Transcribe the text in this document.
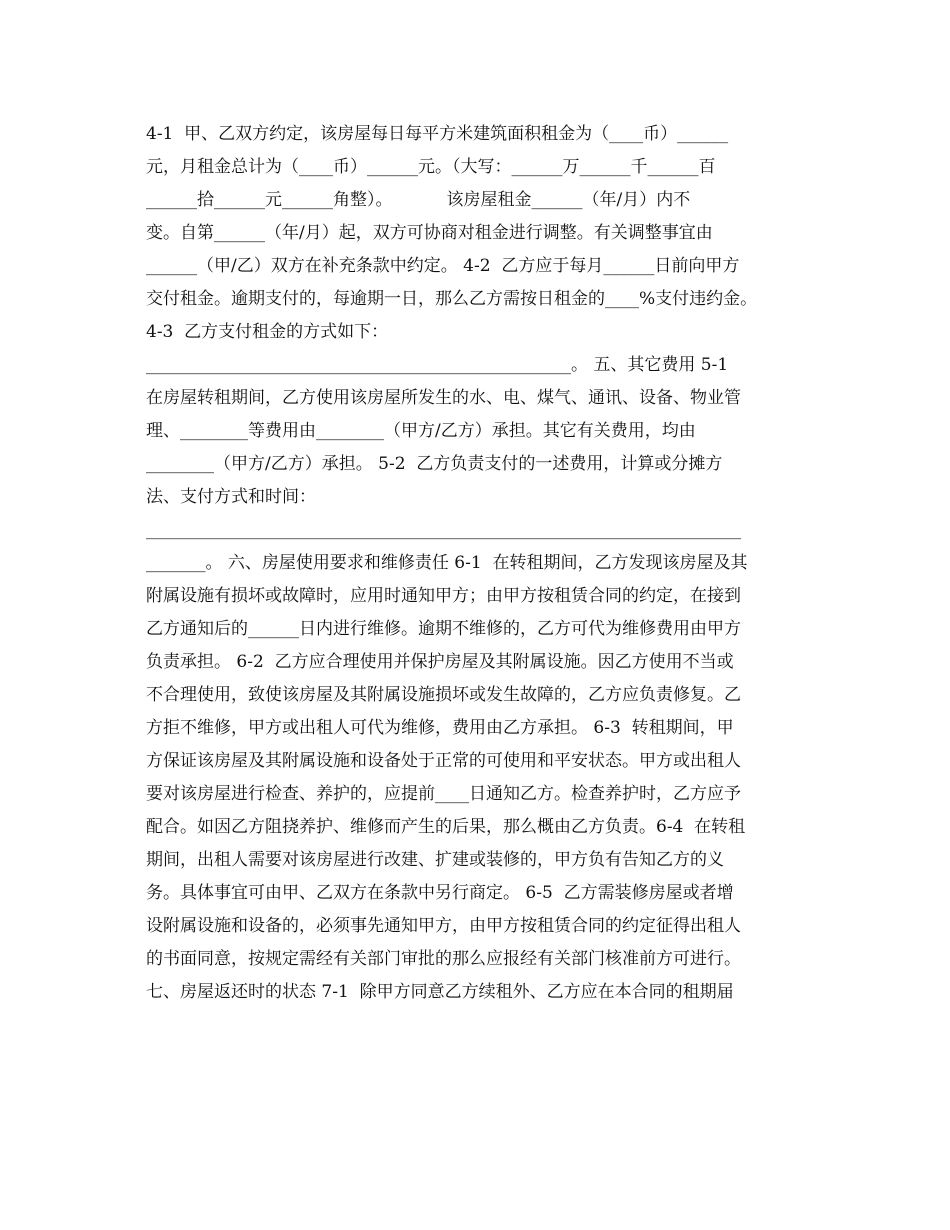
4-1  甲、乙双方约定，该房屋每日每平方米建筑面积租金为（____币）______
元，月租金总计为（____币）______元。（大写：______万______千______百
______拾______元______角整）。          该房屋租金______（年/月）内不
变。自第______（年/月）起，双方可协商对租金进行调整。有关调整事宜由
______（甲/乙）双方在补充条款中约定。 4-2  乙方应于每月______日前向甲方
交付租金。逾期支付的，每逾期一日，那么乙方需按日租金的____%支付违约金。
4-3  乙方支付租金的方式如下：
__________________________________________________。 五、其它费用 5-1
在房屋转租期间，乙方使用该房屋所发生的水、电、煤气、通讯、设备、物业管
理、________等费用由________（甲方/乙方）承担。其它有关费用，均由
________（甲方/乙方）承担。 5-2  乙方负责支付的一述费用，计算或分摊方
法、支付方式和时间：
______________________________________________________________________
_______。 六、房屋使用要求和维修责任 6-1  在转租期间，乙方发现该房屋及其
附属设施有损坏或故障时，应用时通知甲方；由甲方按租赁合同的约定，在接到
乙方通知后的______日内进行维修。逾期不维修的，乙方可代为维修费用由甲方
负责承担。 6-2  乙方应合理使用并保护房屋及其附属设施。因乙方使用不当或
不合理使用，致使该房屋及其附属设施损坏或发生故障的，乙方应负责修复。乙
方拒不维修，甲方或出租人可代为维修，费用由乙方承担。 6-3  转租期间，甲
方保证该房屋及其附属设施和设备处于正常的可使用和平安状态。甲方或出租人
要对该房屋进行检查、养护的，应提前____日通知乙方。检查养护时，乙方应予
配合。如因乙方阻挠养护、维修而产生的后果，那么概由乙方负责。6-4  在转租
期间，出租人需要对该房屋进行改建、扩建或装修的，甲方负有告知乙方的义
务。具体事宜可由甲、乙双方在条款中另行商定。 6-5  乙方需装修房屋或者增
设附属设施和设备的，必须事先通知甲方，由甲方按租赁合同的约定征得出租人
的书面同意，按规定需经有关部门审批的那么应报经有关部门核准前方可进行。
七、房屋返还时的状态 7-1  除甲方同意乙方续租外、乙方应在本合同的租期届
